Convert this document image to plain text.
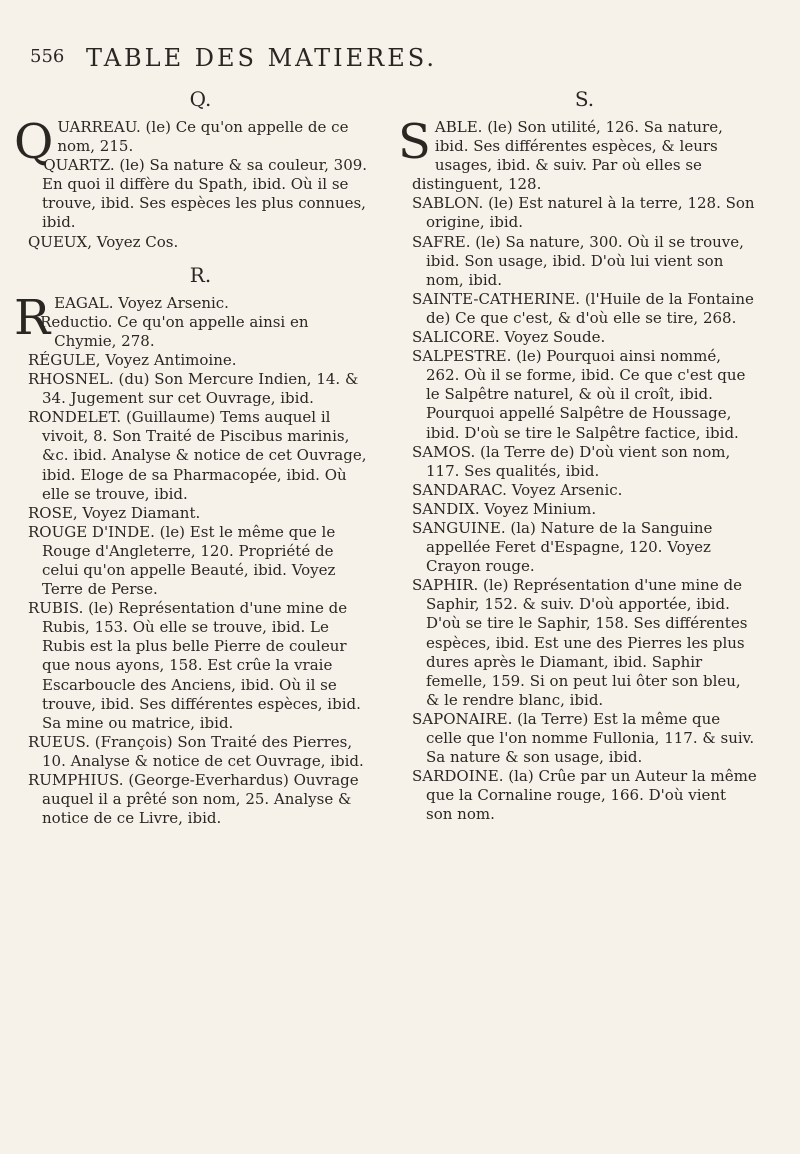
556 TABLE DES MATIERES.
Q.

QUARREAU. (le) Ce qu'on appelle de ce nom, 215.

QUARTZ. (le) Sa nature & sa couleur, 309. En quoi il diffère du Spath, ibid. Où il se trouve, ibid. Ses espèces les plus connues, ibid.

QUEUX, Voyez Cos.

R.

REAGAL. Voyez Arsenic.

Reductio. Ce qu'on appelle ainsi en Chymie, 278.

RÉGULE, Voyez Antimoine.

RHOSNEL. (du) Son Mercure Indien, 14. & 34. Jugement sur cet Ouvrage, ibid.

RONDELET. (Guillaume) Tems auquel il vivoit, 8. Son Traité de Piscibus marinis, &c. ibid. Analyse & notice de cet Ouvrage, ibid. Eloge de sa Pharmacopée, ibid. Où elle se trouve, ibid.

ROSE, Voyez Diamant.

ROUGE D'INDE. (le) Est le même que le Rouge d'Angleterre, 120. Propriété de celui qu'on appelle Beauté, ibid. Voyez Terre de Perse.

RUBIS. (le) Représentation d'une mine de Rubis, 153. Où elle se trouve, ibid. Le Rubis est la plus belle Pierre de couleur que nous ayons, 158. Est crûe la vraie Escarboucle des Anciens, ibid. Où il se trouve, ibid. Ses différentes espèces, ibid. Sa mine ou matrice, ibid.

RUEUS. (François) Son Traité des Pierres, 10. Analyse & notice de cet Ouvrage, ibid.

RUMPHIUS. (George-Everhardus) Ouvrage auquel il a prêté son nom, 25. Analyse & notice de ce Livre, ibid.

S.

SABLE. (le) Son utilité, 126. Sa nature, ibid. Ses différentes espèces, & leurs usages, ibid. & suiv. Par où elles se distinguent, 128.

SABLON. (le) Est naturel à la terre, 128. Son origine, ibid.

SAFRE. (le) Sa nature, 300. Où il se trouve, ibid. Son usage, ibid. D'où lui vient son nom, ibid.

SAINTE-CATHERINE. (l'Huile de la Fontaine de) Ce que c'est, & d'où elle se tire, 268.

SALICORE. Voyez Soude.

SALPESTRE. (le) Pourquoi ainsi nommé, 262. Où il se forme, ibid. Ce que c'est que le Salpêtre naturel, & où il croît, ibid. Pourquoi appellé Salpêtre de Houssage, ibid. D'où se tire le Salpêtre factice, ibid.

SAMOS. (la Terre de) D'où vient son nom, 117. Ses qualités, ibid.

SANDARAC. Voyez Arsenic.

SANDIX. Voyez Minium.

SANGUINE. (la) Nature de la Sanguine appellée Feret d'Espagne, 120. Voyez Crayon rouge.

SAPHIR. (le) Représentation d'une mine de Saphir, 152. & suiv. D'où apportée, ibid. D'où se tire le Saphir, 158. Ses différentes espèces, ibid. Est une des Pierres les plus dures après le Diamant, ibid. Saphir femelle, 159. Si on peut lui ôter son bleu, & le rendre blanc, ibid.

SAPONAIRE. (la Terre) Est la même que celle que l'on nomme Fullonia, 117. & suiv. Sa nature & son usage, ibid.

SARDOINE. (la) Crûe par un Auteur la même que la Cornaline rouge, 166. D'où vient son nom.
